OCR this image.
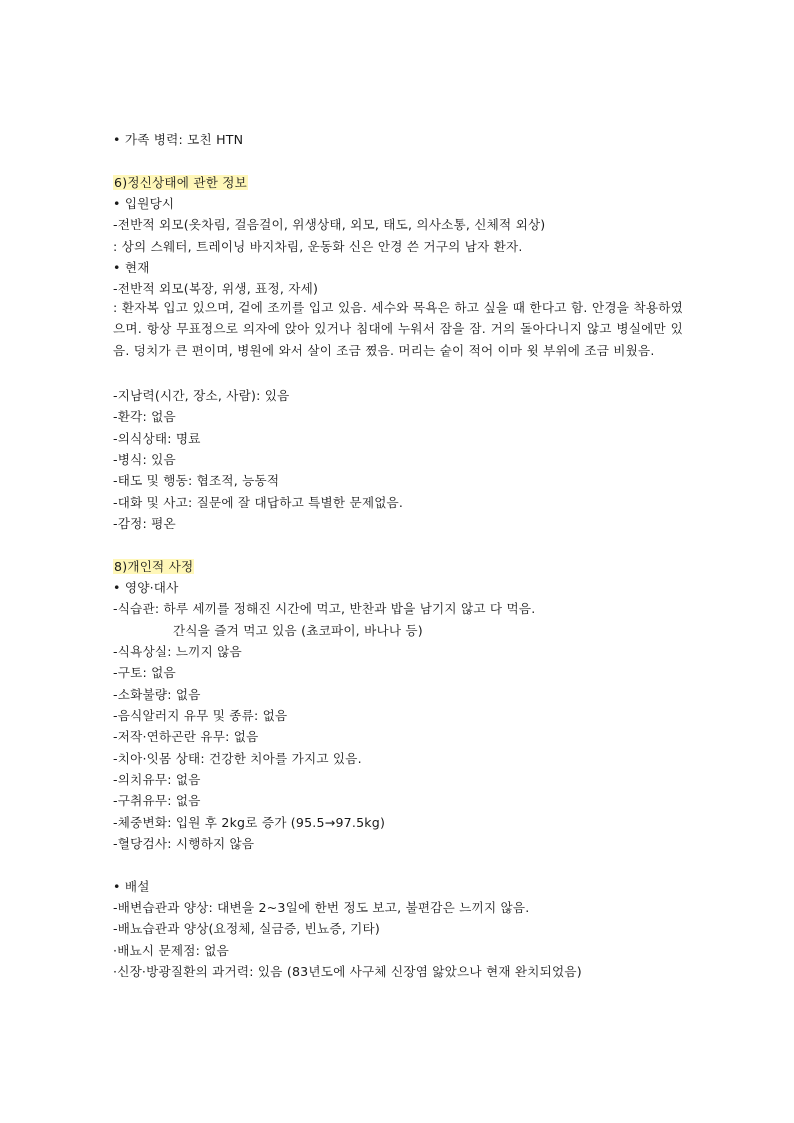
• 가족 병력: 모친 HTN
6)정신상태에 관한 정보
• 입원당시
-전반적 외모(옷차림, 걸음걸이, 위생상태, 외모, 태도, 의사소통, 신체적 외상)
: 상의 스웨터, 트레이닝 바지차림, 운동화 신은 안경 쓴 거구의 남자 환자.
• 현재
-전반적 외모(복장, 위생, 표정, 자세)
: 환자복 입고 있으며, 겉에 조끼를 입고 있음. 세수와 목욕은 하고 싶을 때 한다고 함. 안경을 착용하였으며. 항상 무표정으로 의자에 앉아 있거나 침대에 누워서 잠을 잠. 거의 돌아다니지 않고 병실에만 있음. 덩치가 큰 편이며, 병원에 와서 살이 조금 쪘음. 머리는 숱이 적어 이마 윗 부위에 조금 비웠음.
-지남력(시간, 장소, 사람): 있음
-환각: 없음
-의식상태: 명료
-병식: 있음
-태도 및 행동: 협조적, 능동적
-대화 및 사고: 질문에 잘 대답하고 특별한 문제없음.
-감정: 평온
8)개인적 사정
• 영양·대사
-식습관: 하루 세끼를 정해진 시간에 먹고, 반찬과 밥을 남기지 않고 다 먹음.
간식을 즐겨 먹고 있음 (쵸코파이, 바나나 등)
-식욕상실: 느끼지 않음
-구토: 없음
-소화불량: 없음
-음식알러지 유무 및 종류: 없음
-저작·연하곤란 유무: 없음
-치아·잇몸 상태: 건강한 치아를 가지고 있음.
-의치유무: 없음
-구취유무: 없음
-체중변화: 입원 후 2kg로 증가 (95.5→97.5kg)
-혈당검사: 시행하지 않음
• 배설
-배변습관과 양상: 대변을 2~3일에 한번 정도 보고, 불편감은 느끼지 않음.
-배뇨습관과 양상(요정체, 실금증, 빈뇨증, 기타)
·배뇨시 문제점: 없음
·신장·방광질환의 과거력: 있음 (83년도에 사구체 신장염 앓았으나 현재 완치되었음)
